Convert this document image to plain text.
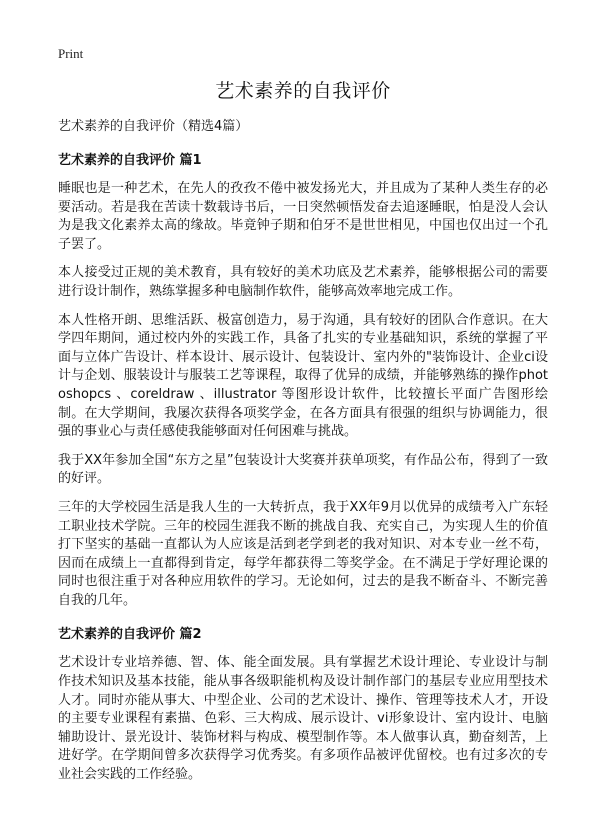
Print
艺术素养的自我评价
艺术素养的自我评价（精选4篇）
艺术素养的自我评价 篇1

睡眠也是一种艺术，在先人的孜孜不倦中被发扬光大，并且成为了某种人类生存的必要活动。若是我在苦读十数载诗书后，一日突然顿悟发奋去追逐睡眠，怕是没人会认为是我文化素养太高的缘故。毕竟钟子期和伯牙不是世世相见，中国也仅出过一个孔子罢了。

本人接受过正规的美术教育，具有较好的美术功底及艺术素养，能够根据公司的需要进行设计制作，熟练掌握多种电脑制作软件，能够高效率地完成工作。

本人性格开朗、思维活跃、极富创造力，易于沟通，具有较好的团队合作意识。在大学四年期间，通过校内外的实践工作，具备了扎实的专业基础知识，系统的掌握了平面与立体广告设计、样本设计、展示设计、包装设计、室内外的"装饰设计、企业ci设计与企划、服装设计与服装工艺等课程，取得了优异的成绩，并能够熟练的操作photoshopcs 、coreldraw 、illustrator 等图形设计软件，比较擅长平面广告图形绘制。在大学期间，我屡次获得各项奖学金，在各方面具有很强的组织与协调能力，很强的事业心与责任感使我能够面对任何困难与挑战。

我于XX年参加全国“东方之星”包装设计大奖赛并获单项奖，有作品公布，得到了一致的好评。

三年的大学校园生活是我人生的一大转折点，我于XX年9月以优异的成绩考入广东轻工职业技术学院。三年的校园生涯我不断的挑战自我、充实自己，为实现人生的价值打下坚实的基础一直都认为人应该是活到老学到老的我对知识、对本专业一丝不苟，因而在成绩上一直都得到肯定，每学年都获得二等奖学金。在不满足于学好理论课的同时也很注重于对各种应用软件的学习。无论如何，过去的是我不断奋斗、不断完善自我的几年。

艺术素养的自我评价 篇2

艺术设计专业培养德、智、体、能全面发展。具有掌握艺术设计理论、专业设计与制作技术知识及基本技能，能从事各级职能机构及设计制作部门的基层专业应用型技术人才。同时亦能从事大、中型企业、公司的艺术设计、操作、管理等技术人才，开设的主要专业课程有素描、色彩、三大构成、展示设计、vi形象设计、室内设计、电脑辅助设计、景光设计、装饰材料与构成、模型制作等。本人做事认真，勤奋刻苦，上进好学。在学期间曾多次获得学习优秀奖。有多项作品被评优留校。也有过多次的专业社会实践的工作经验。
